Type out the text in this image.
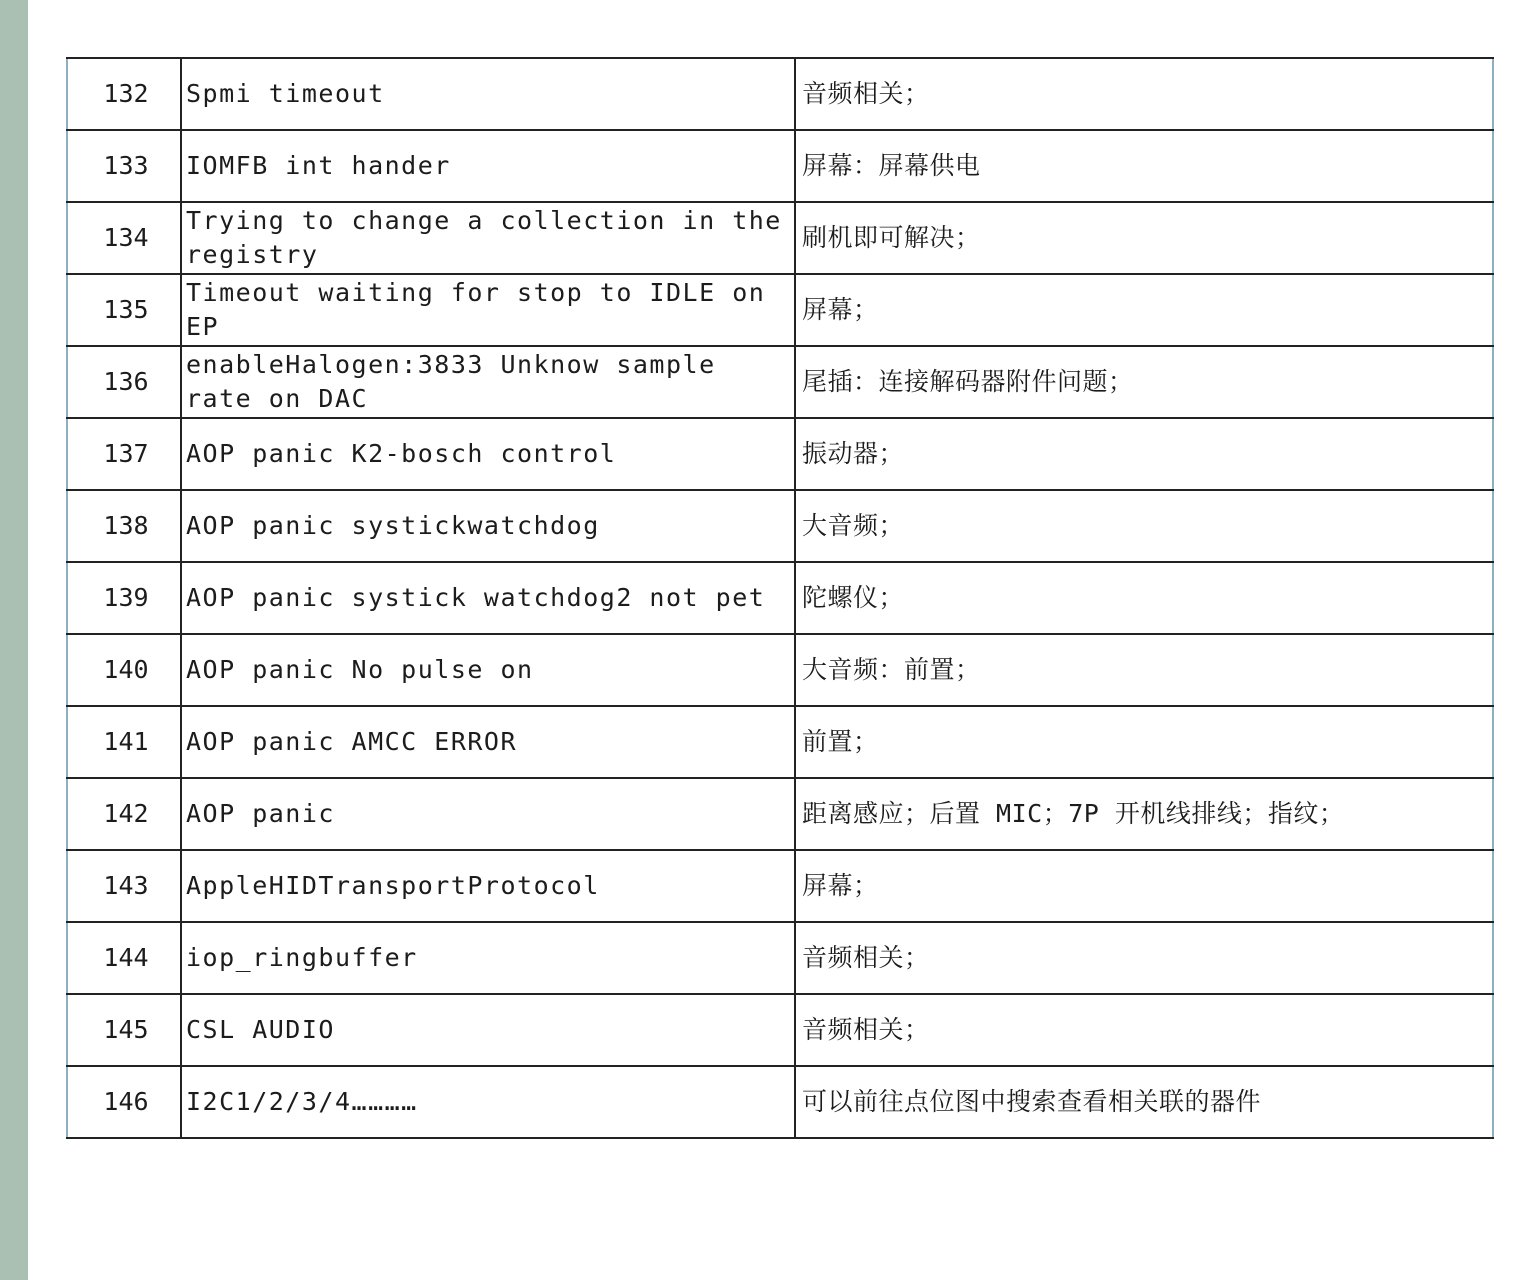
132	Spmi timeout	音频相关；
133	IOMFB int hander	屏幕：屏幕供电
134	Trying to change a collection in the registry	刷机即可解决；
135	Timeout waiting for stop to IDLE on EP	屏幕；
136	enableHalogen:3833 Unknow sample rate on DAC	尾插：连接解码器附件问题；
137	AOP panic K2-bosch control	振动器；
138	AOP panic systickwatchdog	大音频；
139	AOP panic systick watchdog2 not pet	陀螺仪；
140	AOP panic No pulse on	大音频：前置；
141	AOP panic AMCC ERROR	前置；
142	AOP panic	距离感应；后置 MIC；7P 开机线排线；指纹；
143	AppleHIDTransportProtocol	屏幕；
144	iop_ringbuffer	音频相关；
145	CSL AUDIO	音频相关；
146	I2C1/2/3/4…………	可以前往点位图中搜索查看相关联的器件
